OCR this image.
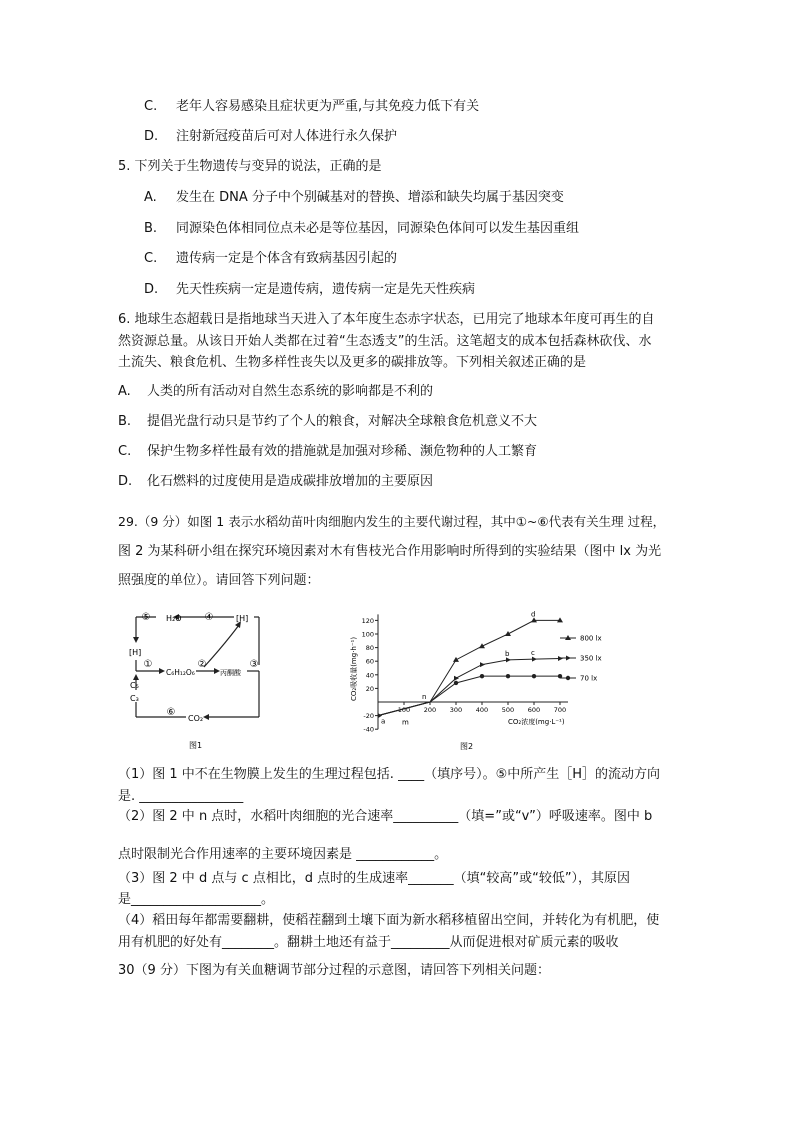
C. 老年人容易感染且症状更为严重,与其免疫力低下有关
D. 注射新冠疫苗后可对人体进行永久保护
5. 下列关于生物遗传与变异的说法，正确的是
A. 发生在 DNA 分子中个别碱基对的替换、增添和缺失均属于基因突变
B. 同源染色体相同位点未必是等位基因，同源染色体间可以发生基因重组
C. 遗传病一定是个体含有致病基因引起的
D. 先天性疾病一定是遗传病，遗传病一定是先天性疾病
6. 地球生态超载日是指地球当天进入了本年度生态赤字状态，已用完了地球本年度可再生的自
然资源总量。从该日开始人类都在过着“生态透支”的生活。这笔超支的成本包括森林砍伐、水
土流失、粮食危机、生物多样性丧失以及更多的碳排放等。下列相关叙述正确的是
A. 人类的所有活动对自然生态系统的影响都是不利的
B. 提倡光盘行动只是节约了个人的粮食，对解决全球粮食危机意义不大
C. 保护生物多样性最有效的措施就是加强对珍稀、濒危物种的人工繁育
D. 化石燃料的过度使用是造成碳排放增加的主要原因
29.（9 分）如图 1 表示水稻幼苗叶肉细胞内发生的主要代谢过程，其中①~⑥代表有关生理 过程，
图 2 为某科研小组在探究环境因素对木有售枝光合作用影响时所得到的实验结果（图中 lx 为光
照强度的单位）。请回答下列问题：
⑤	④
H₂O	[H]
[H]
①
C₆H₁₂O₆
②
丙酮酸
③
C₅
C₃
⑥
CO₂
图1
-40
-20
20
40
60
80
100
120
100 200 300 400 500 600 700
a m
n
b	c
d
800 lx
350 lx
70 lx
CO₂吸收量(mg·h⁻¹)
CO₂浓度(mg·L⁻¹)
图2
（1）图 1 中不在生物膜上发生的生理过程包括. ____（填序号）。⑤中所产生［H］的流动方向
是. ________________
（2）图 2 中 n 点时，水稻叶肉细胞的光合速率__________（填=”或“v”）呼吸速率。图中 b
点时限制光合作用速率的主要环境因素是 ____________。
（3）图 2 中 d 点与 c 点相比，d 点时的生成速率_______（填“较高”或“较低”），其原因
是____________________。
（4）稻田每年都需要翻耕，使稻茬翻到土壤下面为新水稻移植留出空间，并转化为有机肥，使
用有机肥的好处有________。翻耕土地还有益于_________从而促进根对矿质元素的吸收
30（9 分）下图为有关血糖调节部分过程的示意图，请回答下列相关问题：
